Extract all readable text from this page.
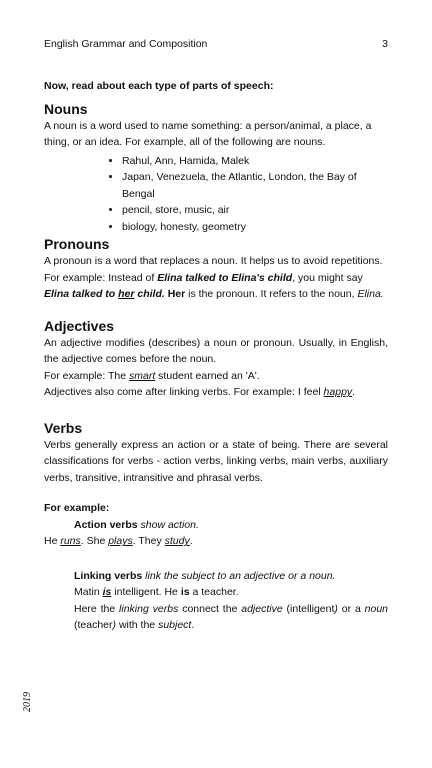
English Grammar and Composition	3

Now, read about each type of parts of speech:

Nouns

A noun is a word used to name something: a person/animal, a place, a thing, or an idea. For example, all of the following are nouns.

• Rahul, Ann, Hamida, Malek
• Japan, Venezuela, the Atlantic, London, the Bay of Bengal
• pencil, store, music, air
• biology, honesty, geometry
Pronouns

A pronoun is a word that replaces a noun. It helps us to avoid repetitions.

For example: Instead of Elina talked to Elina's child, you might say Elina talked to her child. Her is the pronoun. It refers to the noun, Elina.

Adjectives

An adjective modifies (describes) a noun or pronoun. Usually, in English, the adjective comes before the noun.

For example: The smart student earned an 'A'.

Adjectives also come after linking verbs. For example: I feel happy.

Verbs

Verbs generally express an action or a state of being. There are several classifications for verbs - action verbs, linking verbs, main verbs, auxiliary verbs, transitive, intransitive and phrasal verbs.

For example:

Action verbs show action.

He runs. She plays. They study.

Linking verbs link the subject to an adjective or a noun.

Matin is intelligent. He is a teacher.

Here the linking verbs connect the adjective (intelligent) or a noun (teacher) with the subject.

2019
